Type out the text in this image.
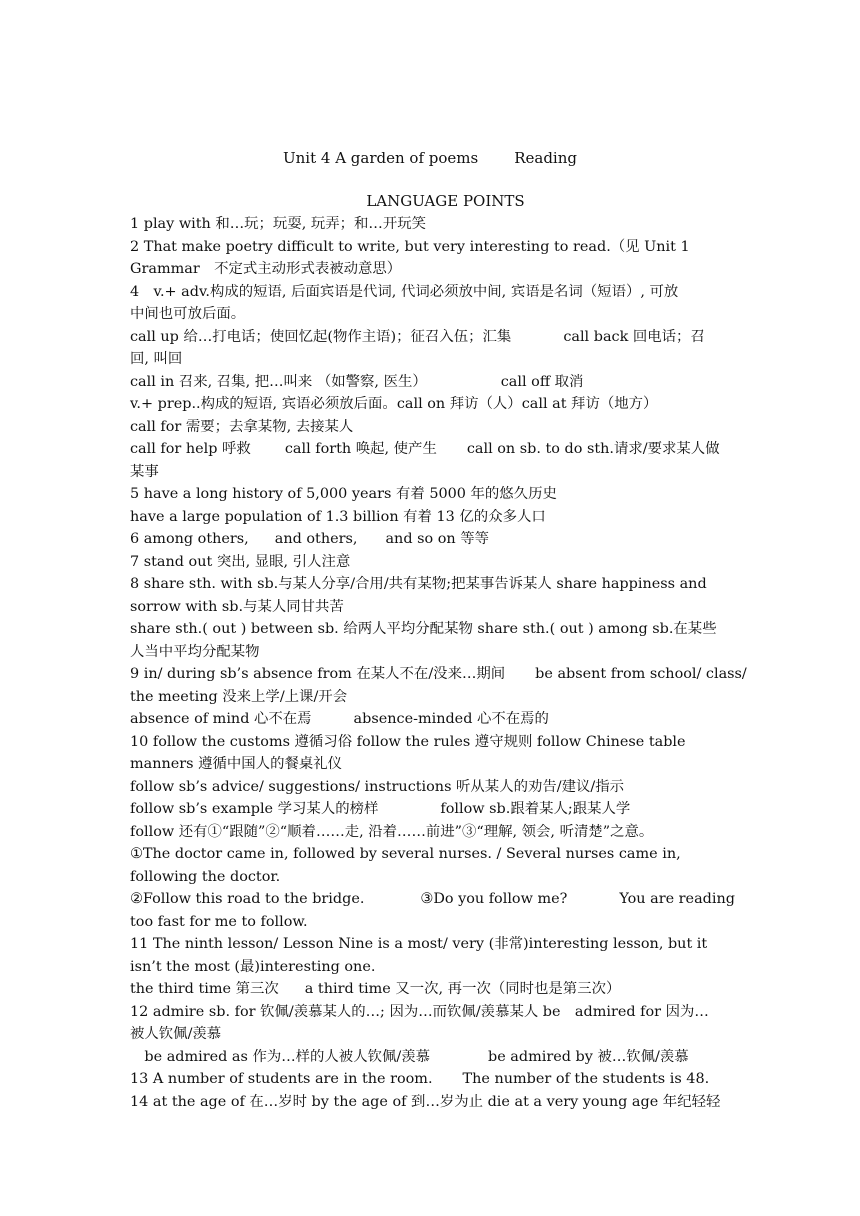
Unit 4 A garden of poems Reading
LANGUAGE POINTS
1 play with 和…玩；玩耍, 玩弄；和…开玩笑
2 That make poetry difficult to write, but very interesting to read.（见 Unit 1
Grammar　不定式主动形式表被动意思）
4　v.+ adv.构成的短语, 后面宾语是代词, 代词必须放中间, 宾语是名词（短语）, 可放
中间也可放后面。
call up 给…打电话；使回忆起(物作主语)；征召入伍；汇集	call back 回电话；召
回, 叫回
call in 召来, 召集, 把…叫来 （如警察, 医生）	call off 取消
v.+ prep..构成的短语, 宾语必须放后面。call on 拜访（人）call at 拜访（地方）
call for 需要；去拿某物, 去接某人
call for help 呼救 call forth 唤起, 使产生 call on sb. to do sth.请求/要求某人做
某事
5 have a long history of 5,000 years 有着 5000 年的悠久历史
have a large population of 1.3 billion 有着 13 亿的众多人口
6 among others, and others, and so on 等等
7 stand out 突出, 显眼, 引人注意
8 share sth. with sb.与某人分享/合用/共有某物;把某事告诉某人 share happiness and
sorrow with sb.与某人同甘共苦
share sth.( out ) between sb. 给两人平均分配某物 share sth.( out ) among sb.在某些
人当中平均分配某物
9 in/ during sb’s absence from 在某人不在/没来…期间 be absent from school/ class/
the meeting 没来上学/上课/开会
absence of mind 心不在焉	absence-minded 心不在焉的
10 follow the customs 遵循习俗 follow the rules 遵守规则 follow Chinese table
manners 遵循中国人的餐桌礼仪
follow sb’s advice/ suggestions/ instructions 听从某人的劝告/建议/指示
follow sb’s example 学习某人的榜样	follow sb.跟着某人;跟某人学
follow 还有①“跟随”②“顺着……走, 沿着……前进”③“理解, 领会, 听清楚”之意。
①The doctor came in, followed by several nurses. / Several nurses came in,
following the doctor.
②Follow this road to the bridge.	③Do you follow me?	You are reading
too fast for me to follow.
11 The ninth lesson/ Lesson Nine is a most/ very (非常)interesting lesson, but it
isn’t the most (最)interesting one.
the third time 第三次 a third time 又一次, 再一次（同时也是第三次）
12 admire sb. for 钦佩/羡慕某人的…; 因为…而钦佩/羡慕某人 be　admired for 因为…
被人钦佩/羡慕
　be admired as 作为…样的人被人钦佩/羡慕	be admired by 被…钦佩/羡慕
13 A number of students are in the room. The number of the students is 48.
14 at the age of 在…岁时 by the age of 到…岁为止 die at a very young age 年纪轻轻
